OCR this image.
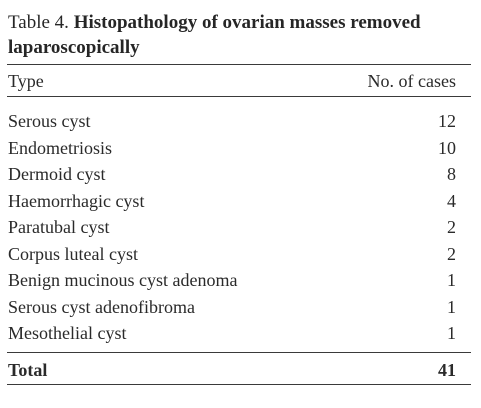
Table 4. Histopathology of ovarian masses removed laparoscopically
Type	No. of cases
Serous cyst	12
Endometriosis	10
Dermoid cyst	8
Haemorrhagic cyst	4
Paratubal cyst	2
Corpus luteal cyst	2
Benign mucinous cyst adenoma	1
Serous cyst adenofibroma	1
Mesothelial cyst	1
Total	41
